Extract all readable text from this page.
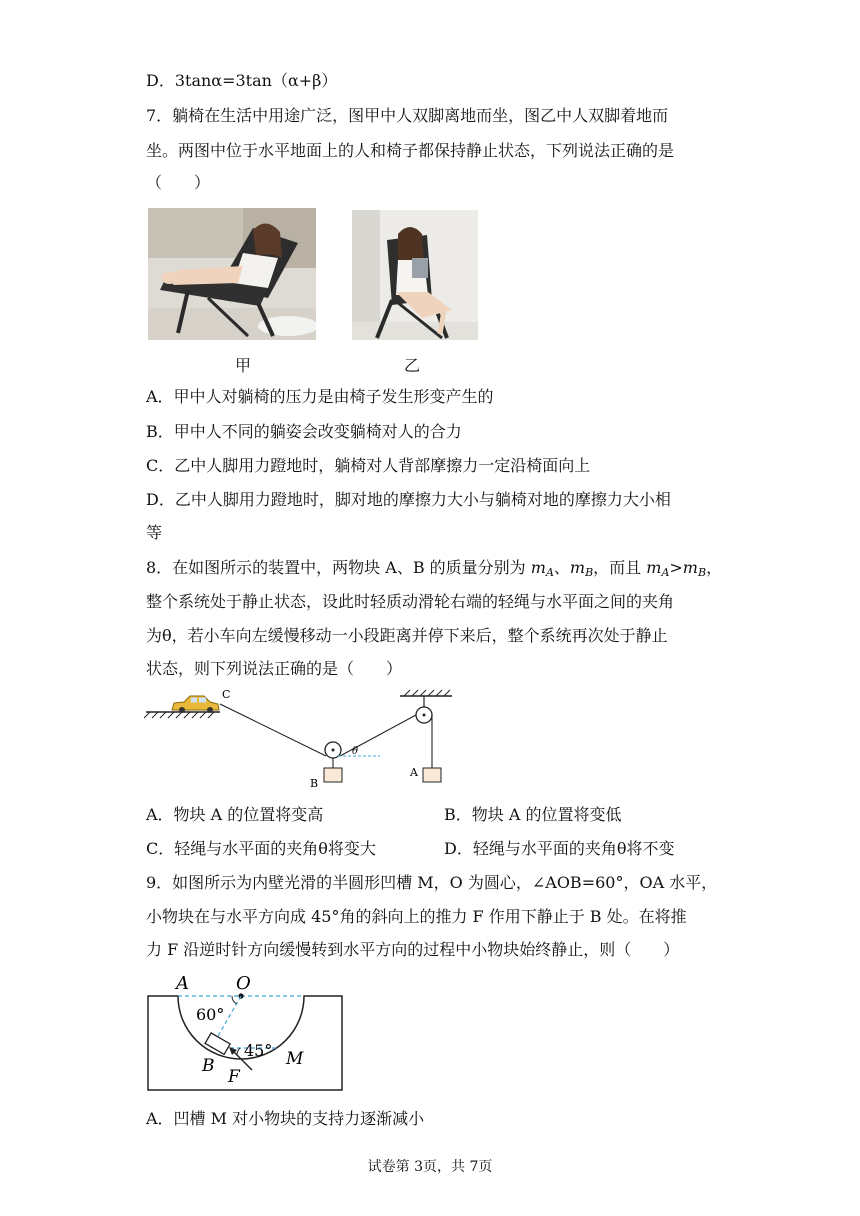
D．3tanα=3tan（α+β）
7．躺椅在生活中用途广泛，图甲中人双脚离地而坐，图乙中人双脚着地而
坐。两图中位于水平地面上的人和椅子都保持静止状态，下列说法正确的是
（　　）
甲	乙
A．甲中人对躺椅的压力是由椅子发生形变产生的
B．甲中人不同的躺姿会改变躺椅对人的合力
C．乙中人脚用力蹬地时，躺椅对人背部摩擦力一定沿椅面向上
D．乙中人脚用力蹬地时，脚对地的摩擦力大小与躺椅对地的摩擦力大小相
等
8．在如图所示的装置中，两物块 A、B 的质量分别为 $m_A$、$m_B$，而且 $m_A>m_B$，
整个系统处于静止状态，设此时轻质动滑轮右端的轻绳与水平面之间的夹角
为θ，若小车向左缓慢移动一小段距离并停下来后，整个系统再次处于静止
状态，则下列说法正确的是（　　）
C
θ
B
A
A．物块 A 的位置将变高	B．物块 A 的位置将变低
C．轻绳与水平面的夹角θ将变大	D．轻绳与水平面的夹角θ将不变
9．如图所示为内壁光滑的半圆形凹槽 M，O 为圆心，∠AOB=60°，OA 水平，
小物块在与水平方向成 45°角的斜向上的推力 F 作用下静止于 B 处。在将推
力 F 沿逆时针方向缓慢转到水平方向的过程中小物块始终静止，则（　　）
A	O
60°
45°
B
F
M
A．凹槽 M 对小物块的支持力逐渐减小
试卷第 3页，共 7页
